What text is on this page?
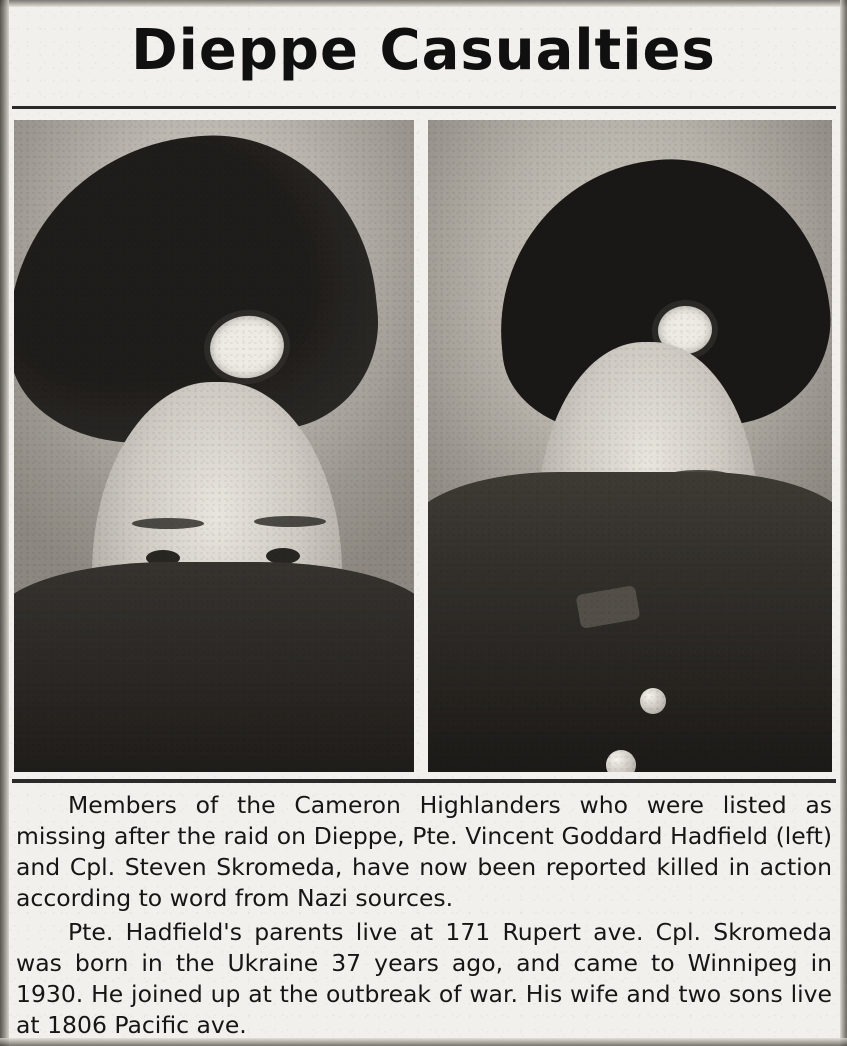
Dieppe Casualties

Members of the Cameron Highlanders who were listed as missing after the raid on Dieppe, Pte. Vincent Goddard Hadfield (left) and Cpl. Steven Skromeda, have now been reported killed in action according to word from Nazi sources.

Pte. Hadfield's parents live at 171 Rupert ave. Cpl. Skromeda was born in the Ukraine 37 years ago, and came to Winnipeg in 1930. He joined up at the outbreak of war. His wife and two sons live at 1806 Pacific ave.
